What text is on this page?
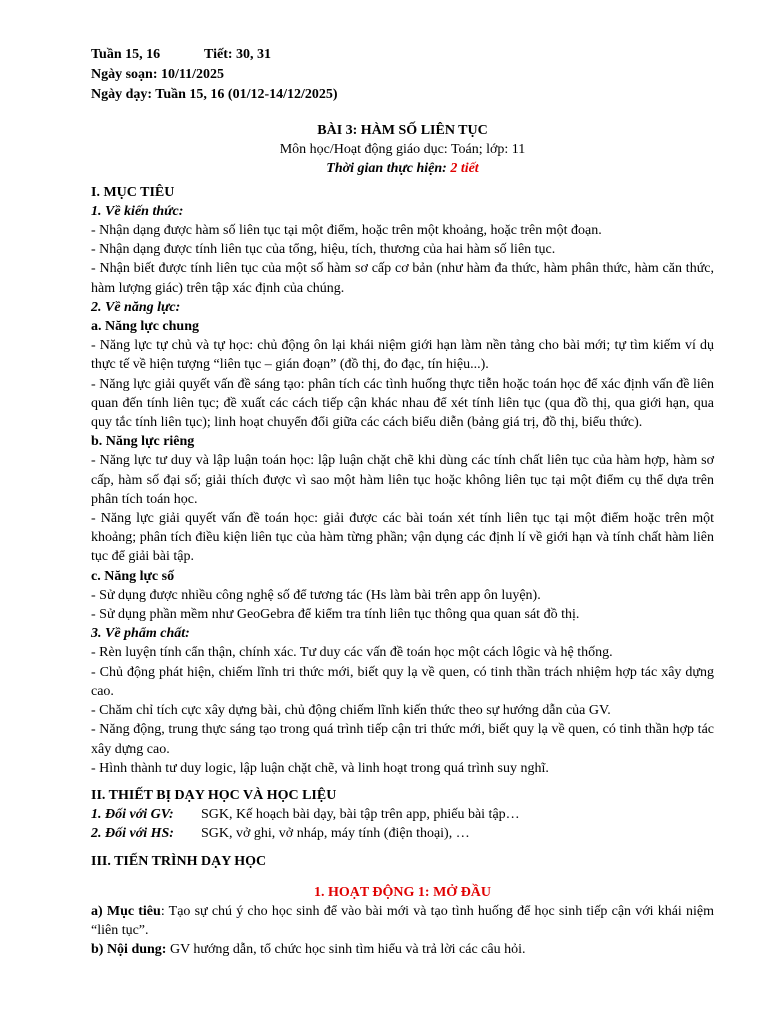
Tuần 15, 16	Tiết: 30, 31
Ngày soạn: 10/11/2025
Ngày dạy: Tuần 15, 16 (01/12-14/12/2025)
BÀI 3: HÀM SỐ LIÊN TỤC
Môn học/Hoạt động giáo dục: Toán; lớp: 11
Thời gian thực hiện: 2 tiết
I. MỤC TIÊU
1. Về kiến thức:
- Nhận dạng được hàm số liên tục tại một điểm, hoặc trên một khoảng, hoặc trên một đoạn.
- Nhận dạng được tính liên tục của tổng, hiệu, tích, thương của hai hàm số liên tục.
- Nhận biết được tính liên tục của một số hàm sơ cấp cơ bản (như hàm đa thức, hàm phân thức, hàm căn thức, hàm lượng giác) trên tập xác định của chúng.
2. Về năng lực:
a. Năng lực chung
- Năng lực tự chủ và tự học: chủ động ôn lại khái niệm giới hạn làm nền tảng cho bài mới; tự tìm kiếm ví dụ thực tế về hiện tượng “liên tục – gián đoạn” (đồ thị, đo đạc, tín hiệu...).
- Năng lực giải quyết vấn đề sáng tạo: phân tích các tình huống thực tiễn hoặc toán học để xác định vấn đề liên quan đến tính liên tục; đề xuất các cách tiếp cận khác nhau để xét tính liên tục (qua đồ thị, qua giới hạn, qua quy tắc tính liên tục); linh hoạt chuyển đổi giữa các cách biểu diễn (bảng giá trị, đồ thị, biểu thức).
b. Năng lực riêng
- Năng lực tư duy và lập luận toán học: lập luận chặt chẽ khi dùng các tính chất liên tục của hàm hợp, hàm sơ cấp, hàm số đại số; giải thích được vì sao một hàm liên tục hoặc không liên tục tại một điểm cụ thể dựa trên phân tích toán học.
- Năng lực giải quyết vấn đề toán học: giải được các bài toán xét tính liên tục tại một điểm hoặc trên một khoảng; phân tích điều kiện liên tục của hàm từng phần; vận dụng các định lí về giới hạn và tính chất hàm liên tục để giải bài tập.
c. Năng lực số
- Sử dụng được nhiều công nghệ số để tương tác (Hs làm bài trên app ôn luyện).
- Sử dụng phần mềm như GeoGebra để kiểm tra tính liên tục thông qua quan sát đồ thị.
3. Về phẩm chất:
- Rèn luyện tính cẩn thận, chính xác. Tư duy các vấn đề toán học một cách lôgic và hệ thống.
- Chủ động phát hiện, chiếm lĩnh tri thức mới, biết quy lạ về quen, có tinh thần trách nhiệm hợp tác xây dựng cao.
- Chăm chỉ tích cực xây dựng bài, chủ động chiếm lĩnh kiến thức theo sự hướng dẫn của GV.
- Năng động, trung thực sáng tạo trong quá trình tiếp cận tri thức mới, biết quy lạ về quen, có tinh thần hợp tác xây dựng cao.
- Hình thành tư duy logic, lập luận chặt chẽ, và linh hoạt trong quá trình suy nghĩ.
II. THIẾT BỊ DẠY HỌC VÀ HỌC LIỆU
1. Đối với GV: SGK, Kế hoạch bài dạy, bài tập trên app, phiếu bài tập…
2. Đối với HS: SGK, vở ghi, vở nháp, máy tính (điện thoại), …
III. TIẾN TRÌNH DẠY HỌC
1. HOẠT ĐỘNG 1: MỞ ĐẦU
a) Mục tiêu: Tạo sự chú ý cho học sinh để vào bài mới và tạo tình huống để học sinh tiếp cận với khái niệm “liên tục”.
b) Nội dung: GV hướng dẫn, tổ chức học sinh tìm hiểu và trả lời các câu hỏi.
